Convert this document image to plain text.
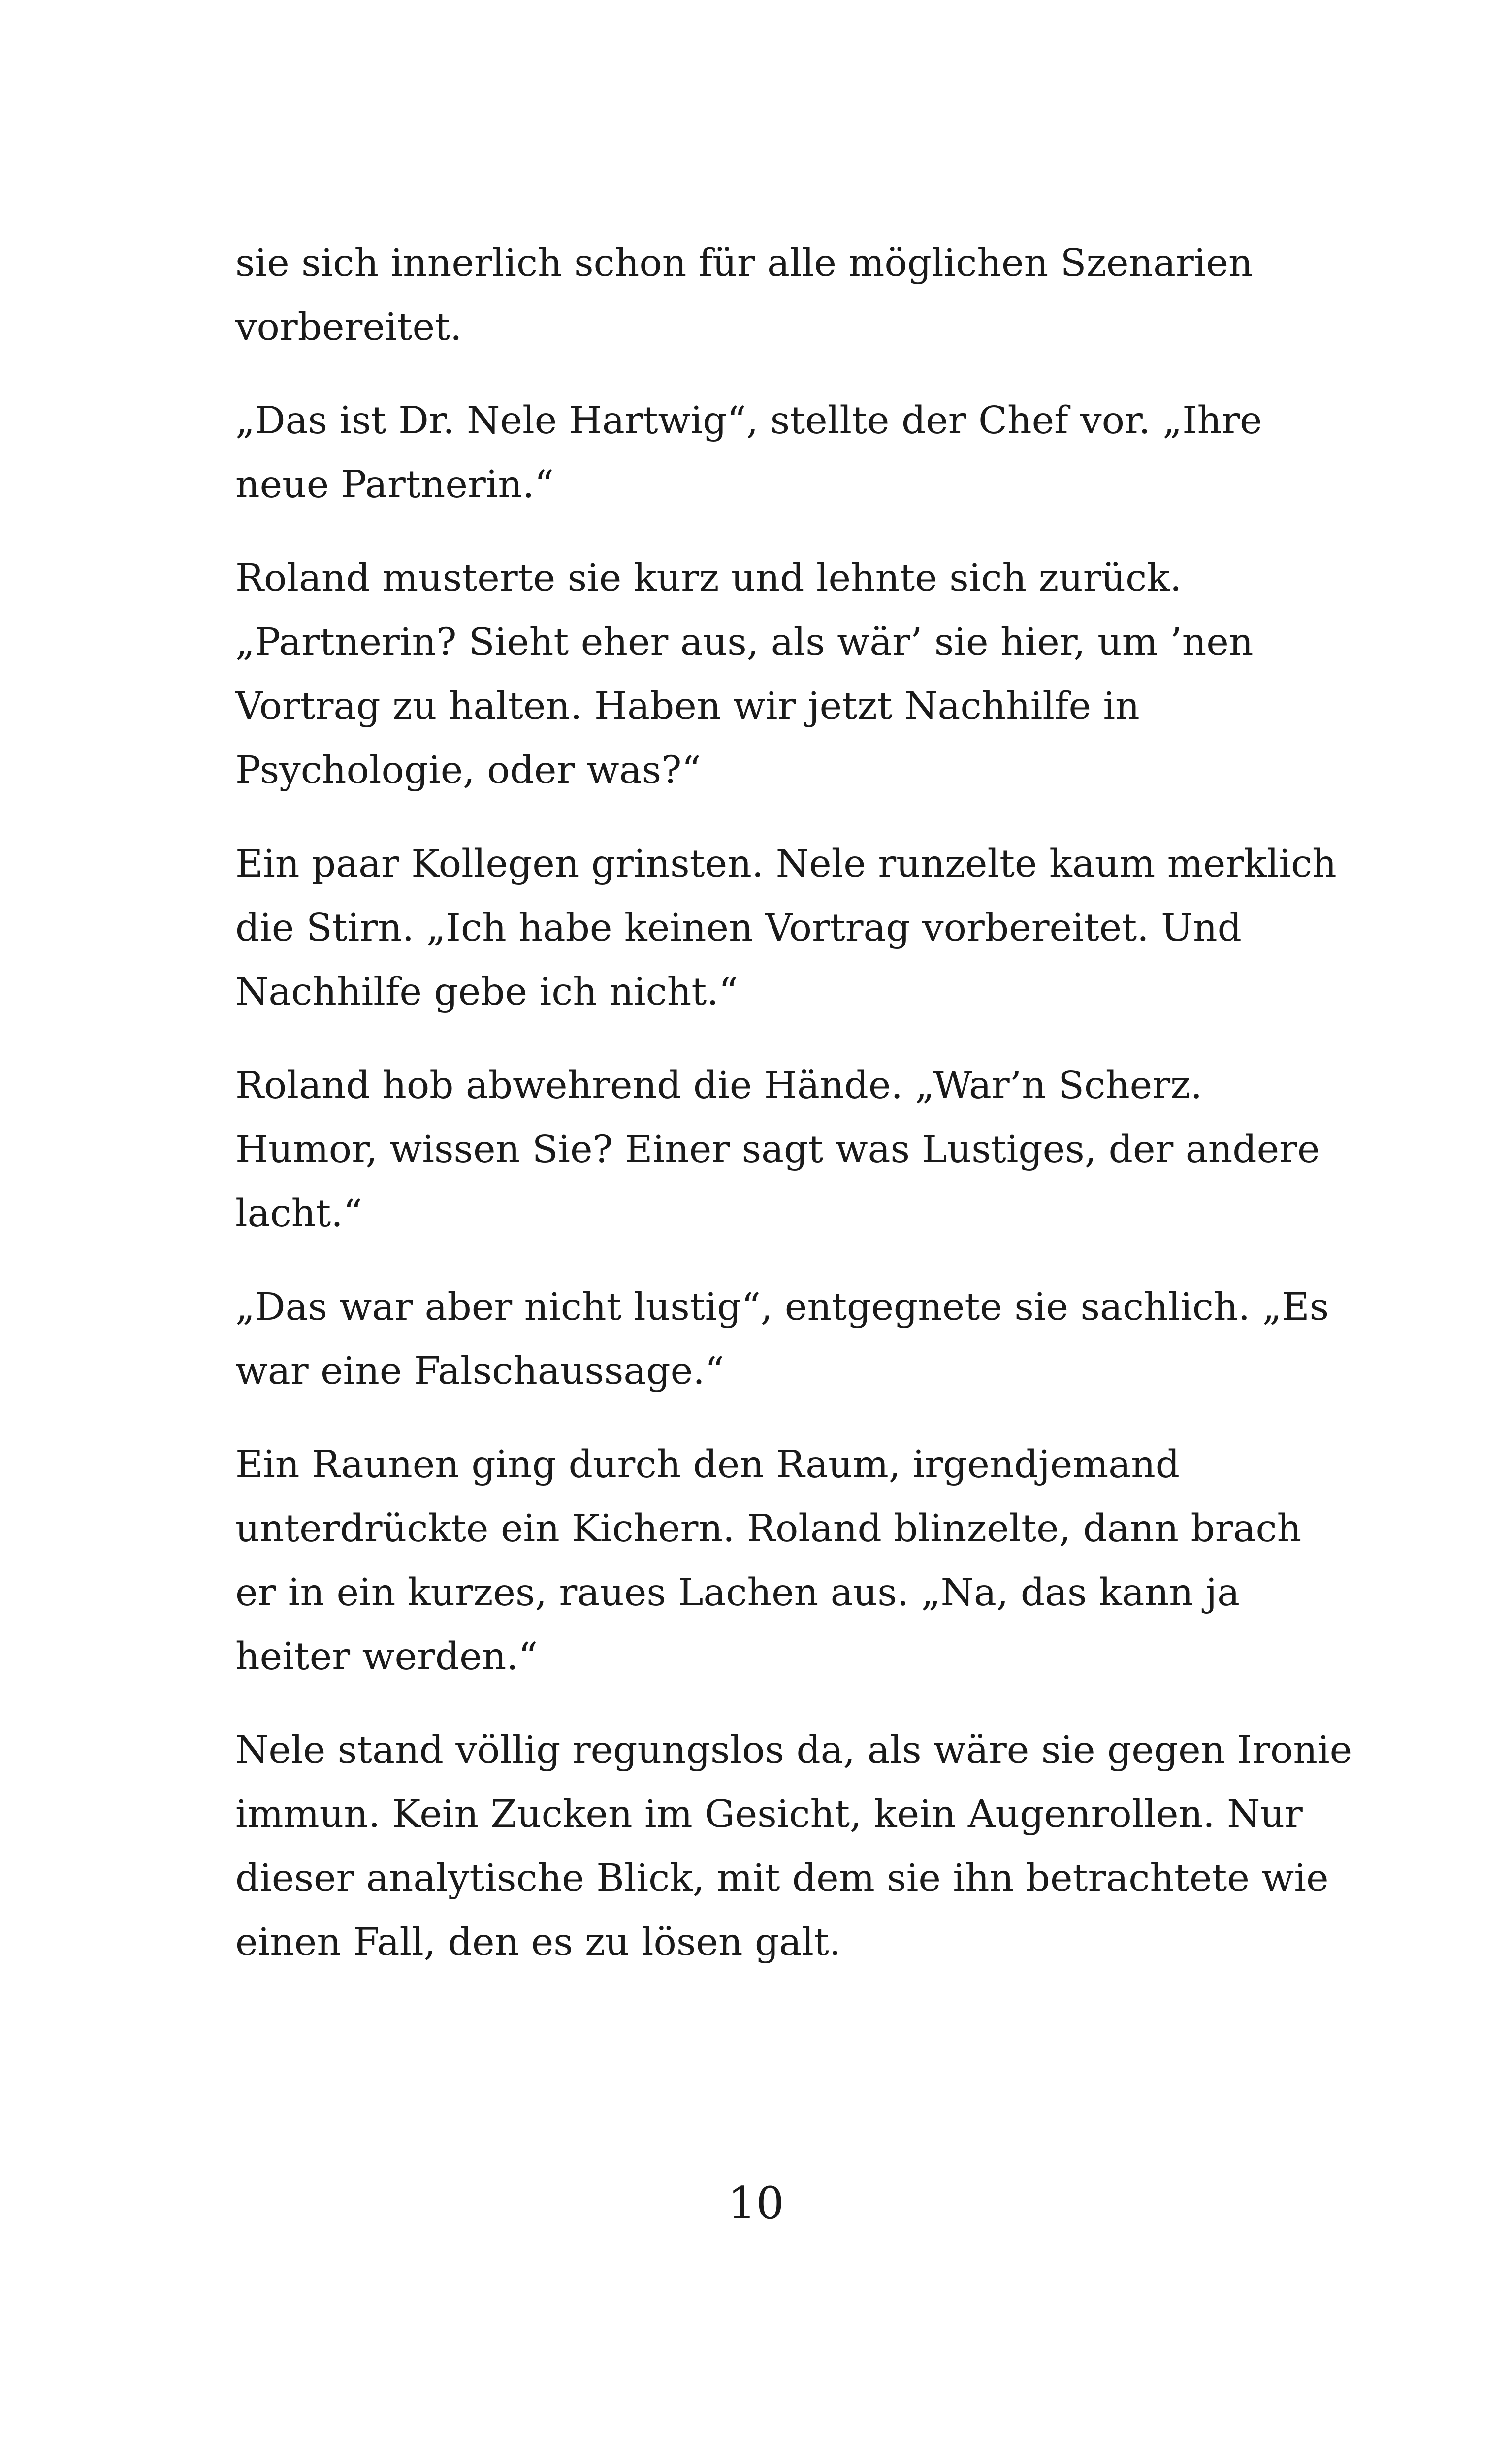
sie sich innerlich schon für alle möglichen Szenarien
vorbereitet.

„Das ist Dr. Nele Hartwig“, stellte der Chef vor. „Ihre
neue Partnerin.“

Roland musterte sie kurz und lehnte sich zurück.
„Partnerin? Sieht eher aus, als wär’ sie hier, um ’nen
Vortrag zu halten. Haben wir jetzt Nachhilfe in
Psychologie, oder was?“

Ein paar Kollegen grinsten. Nele runzelte kaum merklich
die Stirn. „Ich habe keinen Vortrag vorbereitet. Und
Nachhilfe gebe ich nicht.“

Roland hob abwehrend die Hände. „War’n Scherz.
Humor, wissen Sie? Einer sagt was Lustiges, der andere
lacht.“

„Das war aber nicht lustig“, entgegnete sie sachlich. „Es
war eine Falschaussage.“

Ein Raunen ging durch den Raum, irgendjemand
unterdrückte ein Kichern. Roland blinzelte, dann brach
er in ein kurzes, raues Lachen aus. „Na, das kann ja
heiter werden.“

Nele stand völlig regungslos da, als wäre sie gegen Ironie
immun. Kein Zucken im Gesicht, kein Augenrollen. Nur
dieser analytische Blick, mit dem sie ihn betrachtete wie
einen Fall, den es zu lösen galt.

10
